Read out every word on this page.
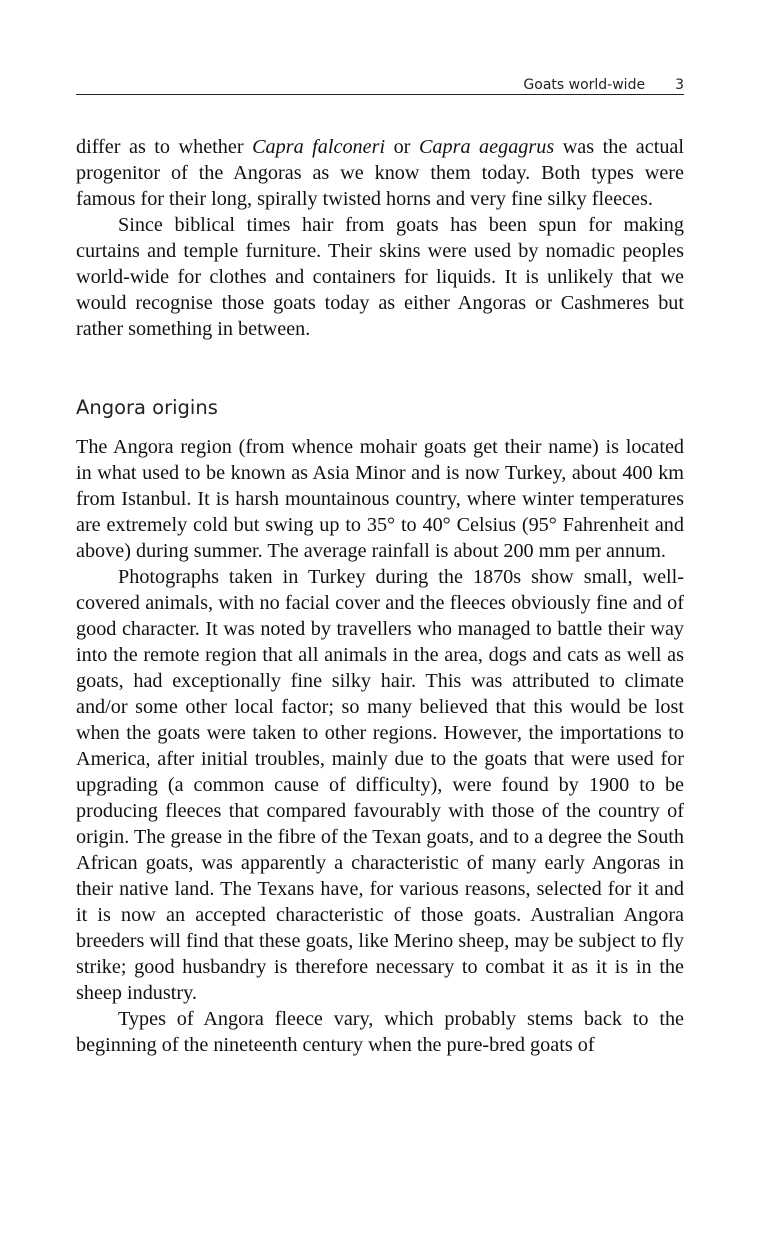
Goats world-wide 3

differ as to whether Capra falconeri or Capra aegagrus was the actual progenitor of the Angoras as we know them today. Both types were famous for their long, spirally twisted horns and very fine silky fleeces.

Since biblical times hair from goats has been spun for making curtains and temple furniture. Their skins were used by nomadic peoples world-wide for clothes and containers for liquids. It is unlikely that we would recognise those goats today as either Angoras or Cashmeres but rather something in between.

Angora origins

The Angora region (from whence mohair goats get their name) is located in what used to be known as Asia Minor and is now Turkey, about 400 km from Istanbul. It is harsh mountainous country, where winter temperatures are extremely cold but swing up to 35° to 40° Celsius (95° Fahrenheit and above) during summer. The average rainfall is about 200 mm per annum.

Photographs taken in Turkey during the 1870s show small, well-covered animals, with no facial cover and the fleeces obviously fine and of good character. It was noted by travellers who managed to battle their way into the remote region that all animals in the area, dogs and cats as well as goats, had exceptionally fine silky hair. This was attributed to climate and/or some other local factor; so many believed that this would be lost when the goats were taken to other regions. However, the importations to America, after initial troubles, mainly due to the goats that were used for upgrading (a common cause of difficulty), were found by 1900 to be producing fleeces that compared favourably with those of the country of origin. The grease in the fibre of the Texan goats, and to a degree the South African goats, was apparently a characteristic of many early Angoras in their native land. The Texans have, for various reasons, selected for it and it is now an accepted characteristic of those goats. Australian Angora breeders will find that these goats, like Merino sheep, may be subject to fly strike; good husbandry is therefore necessary to combat it as it is in the sheep industry.

Types of Angora fleece vary, which probably stems back to the beginning of the nineteenth century when the pure-bred goats of
